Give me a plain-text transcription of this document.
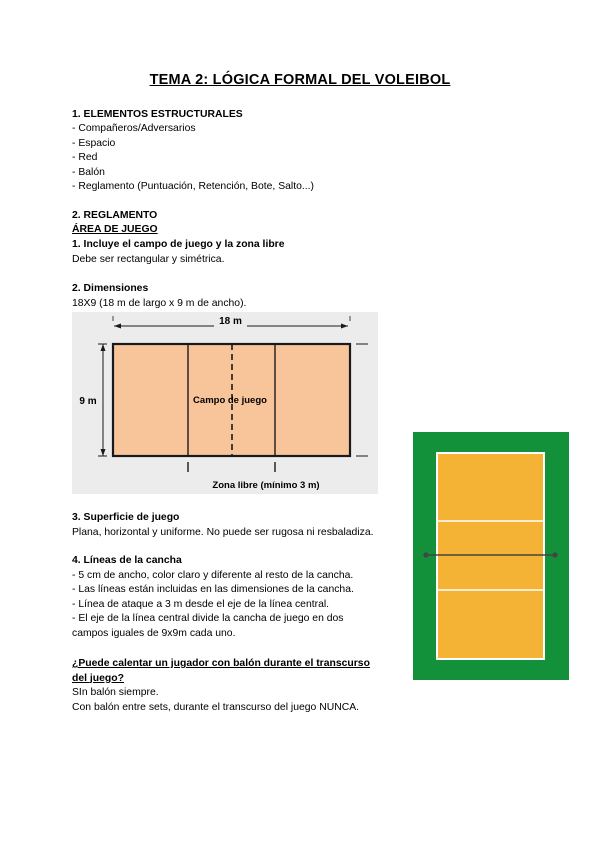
TEMA 2: LÓGICA FORMAL DEL VOLEIBOL
1. ELEMENTOS ESTRUCTURALES
- Compañeros/Adversarios
- Espacio
- Red
- Balón
- Reglamento (Puntuación, Retención, Bote, Salto...)
2. REGLAMENTO
ÁREA DE JUEGO
1. Incluye el campo de juego y la zona libre
Debe ser rectangular y simétrica.
2. Dimensiones
18X9 (18 m de largo x 9 m de ancho).
18 m
9 m	Campo de juego
Zona libre (mínimo 3 m)
3. Superficie de juego
Plana, horizontal y uniforme. No puede ser rugosa ni resbaladiza.
4. Líneas de la cancha
- 5 cm de ancho, color claro y diferente al resto de la cancha.
- Las líneas están incluidas en las dimensiones de la cancha.
- Línea de ataque a 3 m desde el eje de la línea central.
- El eje de la línea central divide la cancha de juego en dos
campos iguales de 9x9m cada uno.
¿Puede calentar un jugador con balón durante el transcurso
del juego?
SIn balón siempre.
Con balón entre sets, durante el transcurso del juego NUNCA.
